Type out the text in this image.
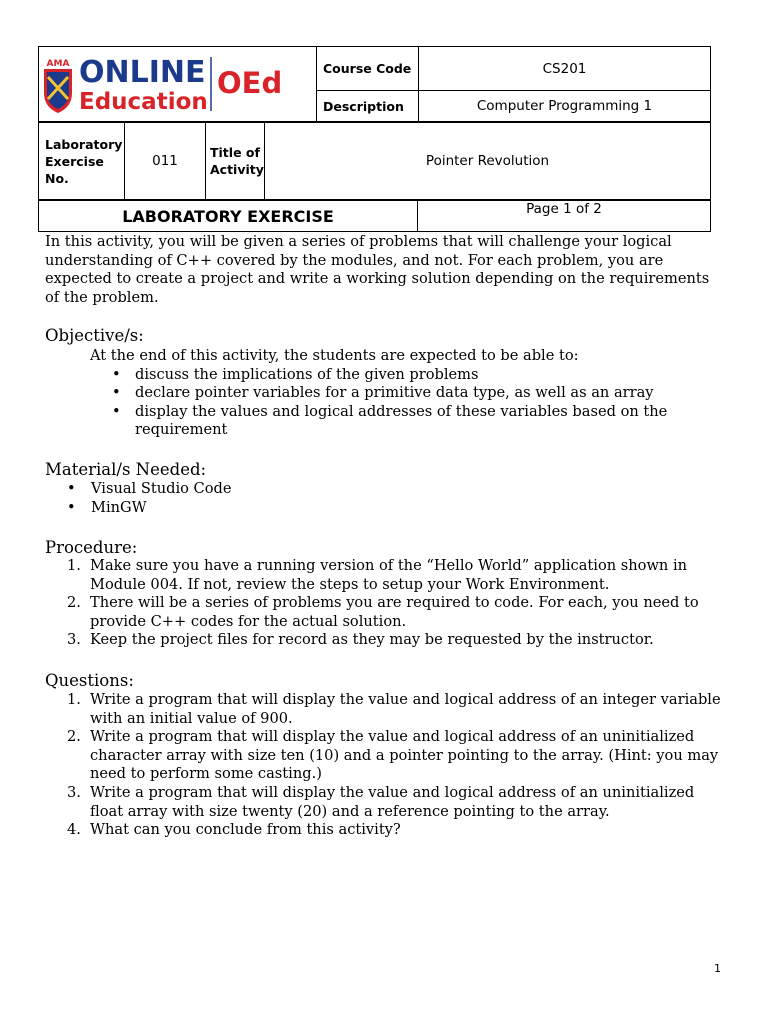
AMA ONLINE
Education
OEd	Course Code	CS201
	Description	Computer Programming 1
Laboratory Exercise No.	011	Title of Activity	Pointer Revolution
LABORATORY EXERCISE	Page 1 of 2
In this activity, you will be given a series of problems that will challenge your logical understanding of C++ covered by the modules, and not. For each problem, you are expected to create a project and write a working solution depending on the requirements of the problem.
Objective/s:
At the end of this activity, the students are expected to be able to:
• discuss the implications of the given problems
• declare pointer variables for a primitive data type, as well as an array
• display the values and logical addresses of these variables based on the requirement
Material/s Needed:
• Visual Studio Code
• MinGW
Procedure:
1. Make sure you have a running version of the “Hello World” application shown in Module 004. If not, review the steps to setup your Work Environment.
2. There will be a series of problems you are required to code. For each, you need to provide C++ codes for the actual solution.
3. Keep the project files for record as they may be requested by the instructor.
Questions:
1. Write a program that will display the value and logical address of an integer variable with an initial value of 900.
2. Write a program that will display the value and logical address of an uninitialized character array with size ten (10) and a pointer pointing to the array. (Hint: you may need to perform some casting.)
3. Write a program that will display the value and logical address of an uninitialized float array with size twenty (20) and a reference pointing to the array.
4. What can you conclude from this activity?
1
